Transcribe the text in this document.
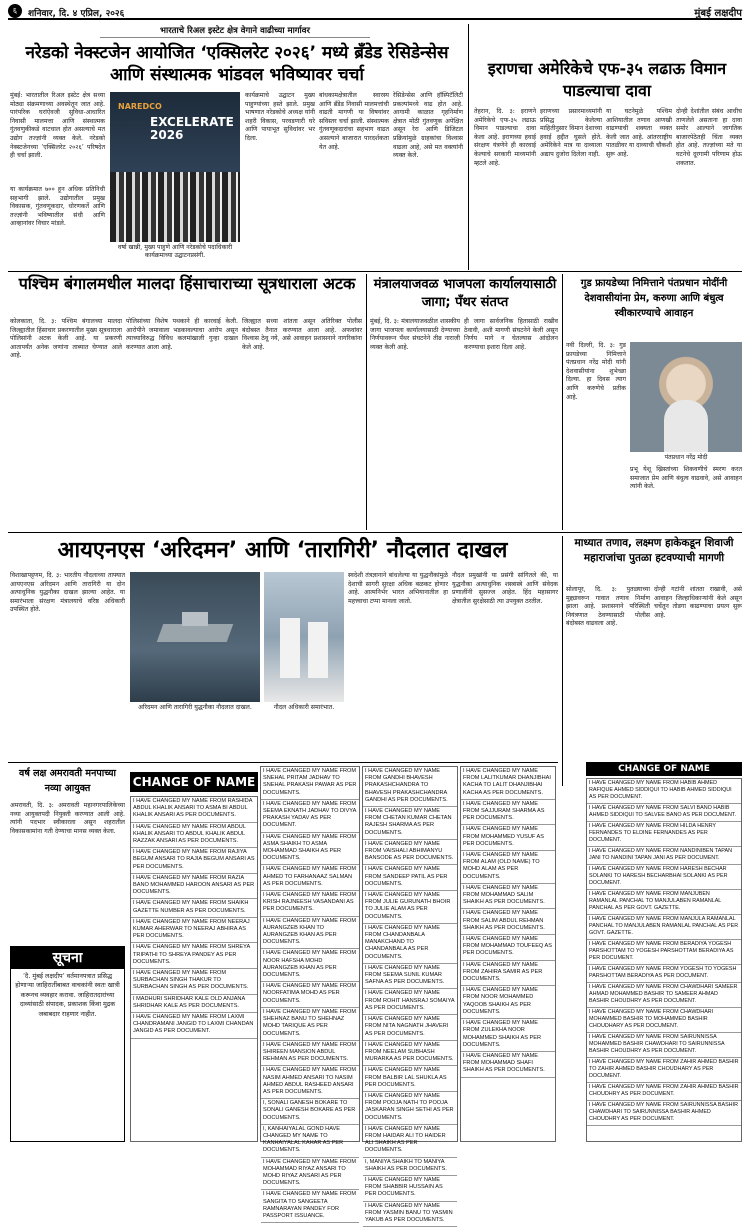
६	शनिवार, दि. ४ एप्रिल, २०२६	मुंबई लक्षदीप
भारताचे रिअल इस्टेट क्षेत्र वेगाने वाढीच्या मार्गावर
नरेडको नेक्स्टजेन आयोजित ‘एक्सिलरेट २०२६’ मध्ये ब्रँडेड रेसिडेन्सेस आणि संस्थात्मक भांडवल भविष्यावर चर्चा
मुंबई: भारतातील रिअल इस्टेट क्षेत्र सध्या मोठ्या संक्रमणाच्या अवस्थेतून जात आहे. पारंपरिक घरांऐवजी सुविधा-आधारित निवासी मालमत्ता आणि संस्थात्मक गुंतवणुकीकडे वाटचाल होत असल्याचे मत उद्योग तज्ज्ञांनी व्यक्त केले. नरेडको नेक्स्टजेनच्या ‘एक्सिलरेट २०२६’ परिषदेत ही चर्चा झाली.
या कार्यक्रमात ७०० हून अधिक प्रतिनिधी सहभागी झाले. उद्योगातील प्रमुख विकासक, गुंतवणूकदार, धोरणकर्ते आणि तज्ज्ञांनी भविष्यातील संधी आणि आव्हानांवर विचार मांडले.
NAREDCO
EXCELERATE 2026
वर्षा खान्नी, मुख्य पाहुणे आणि नरेडकोचे पदाधिकारी कार्यक्रमाच्या उद्घाटनप्रसंगी.
कार्यक्रमाचे उद्घाटन मुख्य पाहुण्यांच्या हस्ते झाले. प्रमुख भाषणात नरेडकोचे अध्यक्ष यांनी शहरी विकास, परवडणारी घरे आणि पायाभूत सुविधांवर भर दिला.
बांधकामक्षेत्रातील स्वारस्य आणि ब्रँडेड निवासी मालमत्तांची वाढती मागणी या विषयांवर सविस्तर चर्चा झाली. संस्थात्मक गुंतवणूकदारांचा सहभाग वाढत असल्याने बाजारात पारदर्शकता येत आहे.
रेसिडेन्सेस आणि हॉस्पिटॅलिटी प्रकल्पांमध्ये वाढ होत आहे. आगामी काळात गृहनिर्माण क्षेत्रात मोठी गुंतवणूक अपेक्षित असून रेरा आणि डिजिटल प्रक्रियांमुळे ग्राहकांचा विश्वास वाढला आहे, असे मत वक्त्यांनी व्यक्त केले.
इराणचा अमेरिकेचे एफ-३५ लढाऊ विमान पाडल्याचा दावा
तेहरान, दि. ३: इराणने अमेरिकेचे एफ-३५ लढाऊ विमान पाडल्याचा दावा केला आहे. इराणच्या हवाई संरक्षण यंत्रणेने ही कारवाई केल्याचे सरकारी माध्यमांनी म्हटले आहे.
इराणच्या प्रसारमाध्यमांनी प्रसिद्ध केलेल्या माहितीनुसार विमान देशाच्या हवाई हद्दीत घुसले होते. अमेरिकेने मात्र या दाव्याला अद्याप दुजोरा दिलेला नाही.
या घटनेमुळे पश्चिम आशियातील तणाव आणखी वाढण्याची शक्यता व्यक्त केली जात आहे. आंतरराष्ट्रीय पातळीवर या दाव्याची चौकशी सुरू आहे.
दोन्ही देशांतील संबंध आधीच ताणलेले असताना हा दावा समोर आल्याने जागतिक बाजारपेठेतही चिंता व्यक्त होत आहे. तज्ज्ञांच्या मते या घटनेचे दूरगामी परिणाम होऊ शकतात.
पश्चिम बंगालमधील मालदा हिंसाचाराच्या सूत्रधाराला अटक
कोलकाता, दि. ३: पश्चिम बंगालच्या मालदा जिल्ह्यातील हिंसाचार प्रकरणातील मुख्य सूत्रधाराला पोलिसांनी अटक केली आहे. या प्रकरणी आतापर्यंत अनेक जणांना ताब्यात घेण्यात आले आहे.
पोलिसांच्या विशेष पथकाने ही कारवाई केली. आरोपीने जमावाला भडकावल्याचा आरोप असून त्याच्याविरुद्ध विविध कलमांखाली गुन्हा दाखल करण्यात आला आहे.
जिल्ह्यात सध्या शांतता असून अतिरिक्त पोलीस बंदोबस्त तैनात करण्यात आला आहे. अफवांवर विश्वास ठेवू नये, असे आवाहन प्रशासनाने नागरिकांना केले आहे.
मंत्रालयाजवळ भाजपला कार्यालयासाठी जागा; पँथर संतप्त
मुंबई, दि. ३: मंत्रालयाजवळील शासकीय जागा भाजपला कार्यालयासाठी देण्याच्या निर्णयावरून पँथर संघटनेने तीव्र नाराजी व्यक्त केली आहे.
ही जागा सार्वजनिक हितासाठी राखीव ठेवावी, अशी मागणी संघटनेने केली असून निर्णय मागे न घेतल्यास आंदोलन करण्याचा इशारा दिला आहे.
गुड फ्रायडेच्या निमित्ताने पंतप्रधान मोदींनी देशवासीयांना प्रेम, करुणा आणि बंधुत्व स्वीकारण्याचे आवाहन
नवी दिल्ली, दि. ३: गुड फ्रायडेच्या निमित्ताने पंतप्रधान नरेंद्र मोदी यांनी देशवासीयांना शुभेच्छा दिल्या. हा दिवस त्याग आणि करुणेचे प्रतीक आहे.
पंतप्रधान नरेंद्र मोदी
प्रभू येशू ख्रिस्तांच्या शिकवणीचे स्मरण करत समाजात प्रेम आणि बंधुत्व वाढवावे, असे आवाहन त्यांनी केले.
आयएनएस ‘अरिदमन’ आणि ‘तारागिरी’ नौदलात दाखल
विशाखापट्टणम, दि. ३: भारतीय नौदलाच्या ताफ्यात आयएनएस अरिदमन आणि तारागिरी या दोन अत्याधुनिक युद्धनौका दाखल झाल्या आहेत. या समारंभाला संरक्षण मंत्रालयाचे वरिष्ठ अधिकारी उपस्थित होते.
अरिदमन आणि तारागिरी युद्धनौका नौदलात दाखल.	नौदल अधिकारी समारंभात.
स्वदेशी तंत्रज्ञानाने बांधलेल्या या युद्धनौकांमुळे देशाची सागरी सुरक्षा अधिक बळकट होणार आहे. आत्मनिर्भर भारत अभियानातील हा महत्त्वाचा टप्पा मानला जातो.
नौदल प्रमुखांनी या प्रसंगी सांगितले की, या युद्धनौका अत्याधुनिक शस्त्रास्त्रे आणि संवेदक प्रणालींनी सुसज्ज आहेत. हिंद महासागर क्षेत्रातील सुरक्षेसाठी त्या उपयुक्त ठरतील.
माध्यात तणाव, लक्ष्मण हाकेकडून शिवाजी महाराजांचा पुतळा हटवण्याची मागणी
सोलापूर, दि. ३: पुतळ्याच्या मुद्द्यावरून गावात तणाव निर्माण झाला आहे. प्रशासनाने परिस्थिती नियंत्रणात ठेवण्यासाठी पोलीस बंदोबस्त वाढवला आहे.
दोन्ही गटांनी शांतता राखावी, असे आवाहन जिल्हाधिकाऱ्यांनी केले असून चर्चेतून तोडगा काढण्याचा प्रयत्न सुरू आहे.
वर्ष लक्ष अमरावती मनपाच्या नव्या आयुक्त
अमरावती, दि. ३: अमरावती महानगरपालिकेच्या नव्या आयुक्तपदी नियुक्ती करण्यात आली आहे. त्यांनी पदभार स्वीकारला असून शहरातील विकासकामांना गती देण्याचा मानस व्यक्त केला.
सूचना
‘दै. मुंबई लक्षदीप’ वर्तमानपत्रात प्रसिद्ध होणाऱ्या जाहिरातींबाबत वाचकांनी स्वतः खात्री करूनच व्यवहार करावा. जाहिरातदारांच्या दाव्यांसाठी संपादक, प्रकाशक किंवा मुद्रक जबाबदार राहणार नाहीत.
CHANGE OF NAME
I HAVE CHANGED MY NAME FROM RASHIDA ABDUL KHALIK ANSARI TO ASMA BI ABDUL KHALIK ANSARI AS PER DOCUMENTS.
I HAVE CHANGED MY NAME FROM ABDUL KHALIK ANSARI TO ABDUL KHALIK ABDUL RAZZAK ANSARI AS PER DOCUMENTS.
I HAVE CHANGED MY NAME FROM RAJIYA BEGUM ANSARI TO RAJIA BEGUM ANSARI AS PER DOCUMENTS.
I HAVE CHANGED MY NAME FROM RAZIA BANO MOHAMMED HAROON ANSARI AS PER DOCUMENTS.
I HAVE CHANGED MY NAME FROM SHAIKH GAZETTE NUMBER AS PER DOCUMENTS.
I HAVE CHANGED MY NAME FROM NEERAJ KUMAR AHERWAR TO NEERAJ ABHIRA AS PER DOCUMENTS.
I HAVE CHANGED MY NAME FROM SHREYA TRIPATHI TO SHREYA PANDEY AS PER DOCUMENTS.
I HAVE CHANGED MY NAME FROM SURBACHAN SINGH THAKUR TO SURBACHAN SINGH AS PER DOCUMENTS.
I MADHURI SHRIDHAR KALE OLD ANJANA SHRIDHAR KALE AS PER DOCUMENTS.
I HAVE CHANGED MY NAME FROM LAXMI CHANDRAMANI JANGID TO LAXMI CHANDAN JANGID AS PER DOCUMENT.
I HAVE CHANGED MY NAME FROM SNEHAL PRITAM JADHAV TO SNEHAL PRAKASH PAWAR AS PER DOCUMENTS.
I HAVE CHANGED MY NAME FROM SEEMA EKNATH JADHAV TO DIVYA PRAKASH YADAV AS PER DOCUMENT.
I HAVE CHANGED MY NAME FROM ASMA SHAIKH TO ASMA MOHAMMAD SHAIKH AS PER DOCUMENTS.
I HAVE CHANGED MY NAME FROM AHMED TO FARHANAAZ SALMAN AS PER DOCUMENTS.
I HAVE CHANGED MY NAME FROM KRISH RAJNEESH VASANDANI AS PER DOCUMENTS.
I HAVE CHANGED MY NAME FROM AURANGZEB KHAN TO AURANGZEB KHAN AS PER DOCUMENTS.
I HAVE CHANGED MY NAME FROM NOOR HAFSHA MOHD AURANGZEB KHAN AS PER DOCUMENTS.
I HAVE CHANGED MY NAME FROM NOORFATIMA MOHD AS PER DOCUMENTS.
I HAVE CHANGED MY NAME FROM SHEHNAZ BANU TO SHEHNAZ MOHD TARIQUE AS PER DOCUMENTS.
I HAVE CHANGED MY NAME FROM SHIREEN MANSION ABDUL REHMAN AS PER DOCUMENTS.
I HAVE CHANGED MY NAME FROM NASIM AHMED ANSARI TO NASIM AHMED ABDUL RASHEED ANSARI AS PER DOCUMENTS.
I, SONALI GANESH BOKARE TO SONALI GANESH BOKARE AS PER DOCUMENTS.
I, KANHAIYALAL GOND HAVE CHANGED MY NAME TO KANHAIYALAL KAHAR AS PER DOCUMENTS.
I HAVE CHANGED MY NAME FROM MOHAMMAD RIYAZ ANSARI TO MOHD RIYAZ ANSARI AS PER DOCUMENTS.
I HAVE CHANGED MY NAME FROM SANGITA TO SANGEETA RAMNARAYAN PANDEY FOR PASSPORT ISSUANCE.
I HAVE CHANGED MY NAME FROM GANDHI BHAVESH PRAKASHCHANDRA TO BHAVESH PRAKASHCHANDRA GANDHI AS PER DOCUMENTS.
I HAVE CHANGED MY NAME FROM CHETAN KUMAR CHETAN RAJESH SHARMA AS PER DOCUMENTS.
I HAVE CHANGED MY NAME FROM VAISHALI ABHIMANYU BANSODE AS PER DOCUMENTS.
I HAVE CHANGED MY NAME FROM SANDEEP PATIL AS PER DOCUMENTS.
I HAVE CHANGED MY NAME FROM JULIE GURUNATH BHOIR TO JULIE ALAM AS PER DOCUMENTS.
I HAVE CHANGED MY NAME FROM CHANDANBALA MANAKCHAND TO CHANDANBALA AS PER DOCUMENTS.
I HAVE CHANGED MY NAME FROM SEEMA SUNIL KUMAR SAFNA AS PER DOCUMENTS.
I HAVE CHANGED MY NAME FROM ROHIT HANSRAJ SOMAIYA AS PER DOCUMENTS.
I HAVE CHANGED MY NAME FROM NITA NAGNATH JHAVERI AS PER DOCUMENTS.
I HAVE CHANGED MY NAME FROM NEELAM SUBHASH MURARKA AS PER DOCUMENTS.
I HAVE CHANGED MY NAME FROM BALBIR LAL SHUKLA AS PER DOCUMENTS.
I HAVE CHANGED MY NAME FROM POOJA NATH TO POOJA JASKARAN SINGH SETHI AS PER DOCUMENTS.
I HAVE CHANGED MY NAME FROM HAIDAR ALI TO HAIDER ALI SHAIKH AS PER DOCUMENTS.
I, MANIYA SHAIKH TO MANIYA SHAIKH AS PER DOCUMENTS.
I HAVE CHANGED MY NAME FROM SHABBIR HUSSAIN AS PER DOCUMENTS.
I HAVE CHANGED MY NAME FROM YASMIN BANU TO YASMIN YAKUB AS PER DOCUMENTS.
I HAVE CHANGED MY NAME FROM LALITKUMAR DHANJIBHAI KACHA TO LALIT DHANJIBHAI KACHA AS PER DOCUMENTS.
I HAVE CHANGED MY NAME FROM SAJJURAM SHARMA AS PER DOCUMENTS.
I HAVE CHANGED MY NAME FROM MOHAMMED YUSUF AS PER DOCUMENTS.
I HAVE CHANGED MY NAME FROM ALAM (OLD NAME) TO MOHD ALAM AS PER DOCUMENTS.
I HAVE CHANGED MY NAME FROM MOHAMMAD SALIM SHAIKH AS PER DOCUMENTS.
I HAVE CHANGED MY NAME FROM SALIM ABDUL REHMAN SHAIKH AS PER DOCUMENTS.
I HAVE CHANGED MY NAME FROM MOHAMMAD TOUFEEQ AS PER DOCUMENTS.
I HAVE CHANGED MY NAME FROM ZAHIRA SAMIR AS PER DOCUMENTS.
I HAVE CHANGED MY NAME FROM NOOR MOHAMMED YAQOOB SHAIKH AS PER DOCUMENTS.
I HAVE CHANGED MY NAME FROM ZULEKHA NOOR MOHAMMED SHAIKH AS PER DOCUMENTS.
I HAVE CHANGED MY NAME FROM MOHAMMAD SHAFI SHAIKH AS PER DOCUMENTS.
CHANGE OF NAME
I HAVE CHANGED MY NAME FROM HABIB AHMED RAFIQUE AHMED SIDDIQUI TO HABIB AHMED SIDDIQUI AS PER DOCUMENT.
I HAVE CHANGED MY NAME FROM SALVI BANO HABIB AHMED SIDDIQUI TO SALVEE BANO AS PER DOCUMENT.
I HAVE CHANGED MY NAME FROM HILDA HENRY FERNANDES TO ELDINE FERNANDES AS PER DOCUMENT.
I HAVE CHANGED MY NAME FROM NANDINIBEN TAPAN JANI TO NANDINI TAPAN JANI AS PER DOCUMENT.
I HAVE CHANGED MY NAME FROM HARESH BECHAR SOLANKI TO HARESH BECHARBHAI SOLANKI AS PER DOCUMENT.
I HAVE CHANGED MY NAME FROM MANJUBEN RAMANLAL PANCHAL TO MANJULABEN RAMANLAL PANCHAL AS PER GOVT. GAZETTE.
I HAVE CHANGED MY NAME FROM MANJULA RAMANLAL PANCHAL TO MANJULABEN RAMANLAL PANCHAL AS PER GOVT. GAZETTE.
I HAVE CHANGED MY NAME FROM BERADIYA YOGESH PARSHOTTAM TO YOGESH PARSHOTTAM BERADIYA AS PER DOCUMENT.
I HAVE CHANGED MY NAME FROM YOGESH TO YOGESH PARSHOTTAM BERADIYA AS PER DOCUMENT.
I HAVE CHANGED MY NAME FROM CHAWDHARI SAMEER AHMAD MOHAMMED BASHIR TO SAMEER AHMAD BASHIR CHOUDHRY AS PER DOCUMENT.
I HAVE CHANGED MY NAME FROM CHAWDHARI MOHAMMED BASHIR TO MOHAMMED BASHIR CHOUDHARY AS PER DOCUMENT.
I HAVE CHANGED MY NAME FROM SAIRUNNISSA MOHAMMED BASHIR CHAWDHARI TO SAIRUNNISSA BASHIR CHOUDHRY AS PER DOCUMENT.
I HAVE CHANGED MY NAME FROM ZAHIR AHMED BASHIR TO ZAHIR AHMED BASHIR CHOUDHARY AS PER DOCUMENT.
I HAVE CHANGED MY NAME FROM ZAHIR AHMED BASHIR CHOUDHRY AS PER DOCUMENT.
I HAVE CHANGED MY NAME FROM SAIRUNNISSA BASHIR CHAWDHARI TO SAIRUNNISSA BASHIR AHMED CHOUDHRY AS PER DOCUMENT.
